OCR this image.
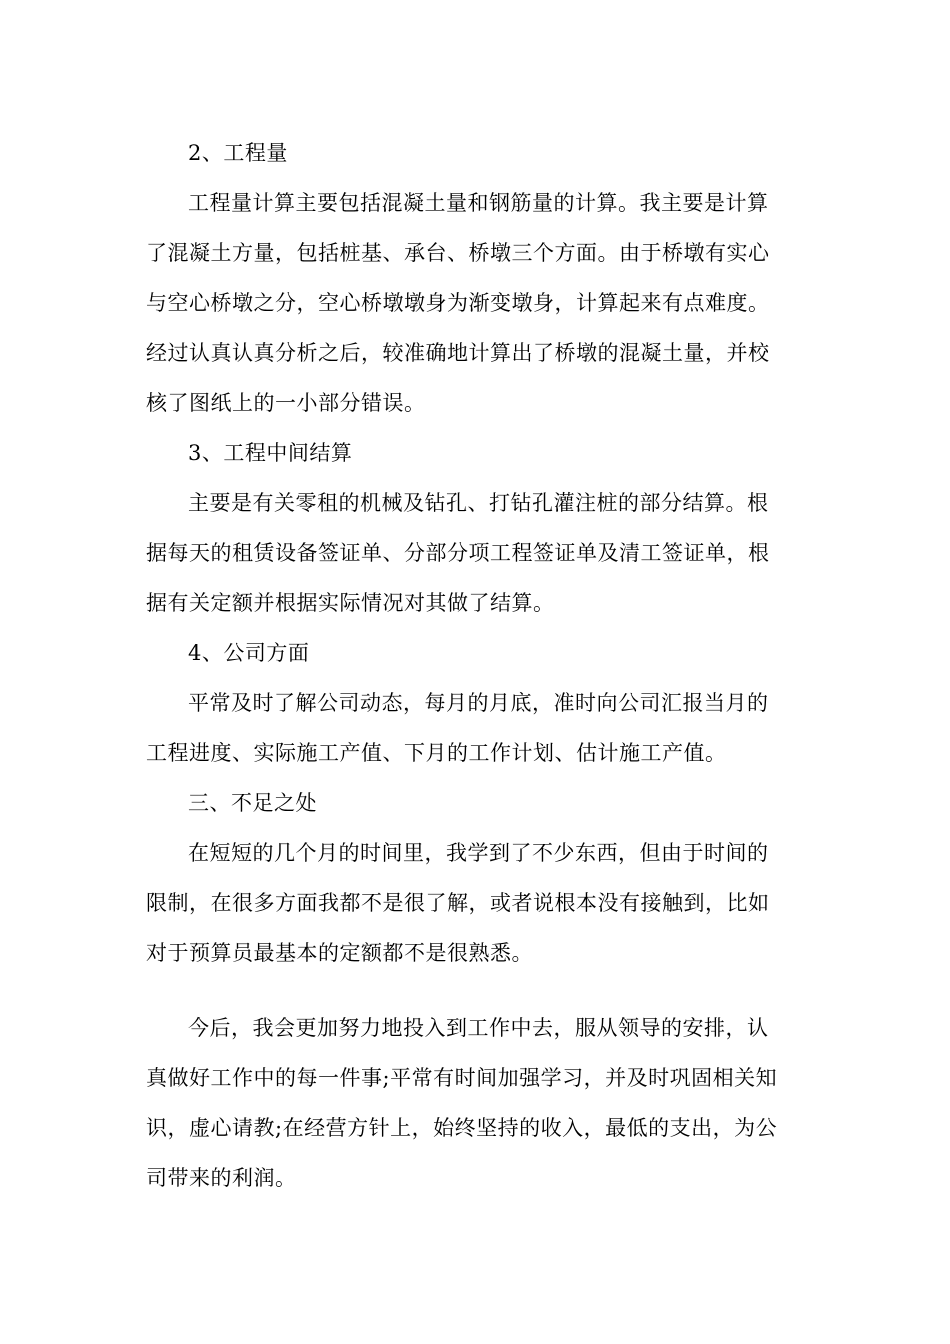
2、工程量
工程量计算主要包括混凝土量和钢筋量的计算。我主要是计算
了混凝土方量，包括桩基、承台、桥墩三个方面。由于桥墩有实心
与空心桥墩之分，空心桥墩墩身为渐变墩身，计算起来有点难度。
经过认真认真分析之后，较准确地计算出了桥墩的混凝土量，并校
核了图纸上的一小部分错误。
3、工程中间结算
主要是有关零租的机械及钻孔、打钻孔灌注桩的部分结算。根
据每天的租赁设备签证单、分部分项工程签证单及清工签证单，根
据有关定额并根据实际情况对其做了结算。
4、公司方面
平常及时了解公司动态，每月的月底，准时向公司汇报当月的
工程进度、实际施工产值、下月的工作计划、估计施工产值。
三、不足之处
在短短的几个月的时间里，我学到了不少东西，但由于时间的
限制，在很多方面我都不是很了解，或者说根本没有接触到，比如
对于预算员最基本的定额都不是很熟悉。
今后，我会更加努力地投入到工作中去，服从领导的安排，认
真做好工作中的每一件事;平常有时间加强学习，并及时巩固相关知
识，虚心请教;在经营方针上，始终坚持的收入，最低的支出，为公
司带来的利润。
